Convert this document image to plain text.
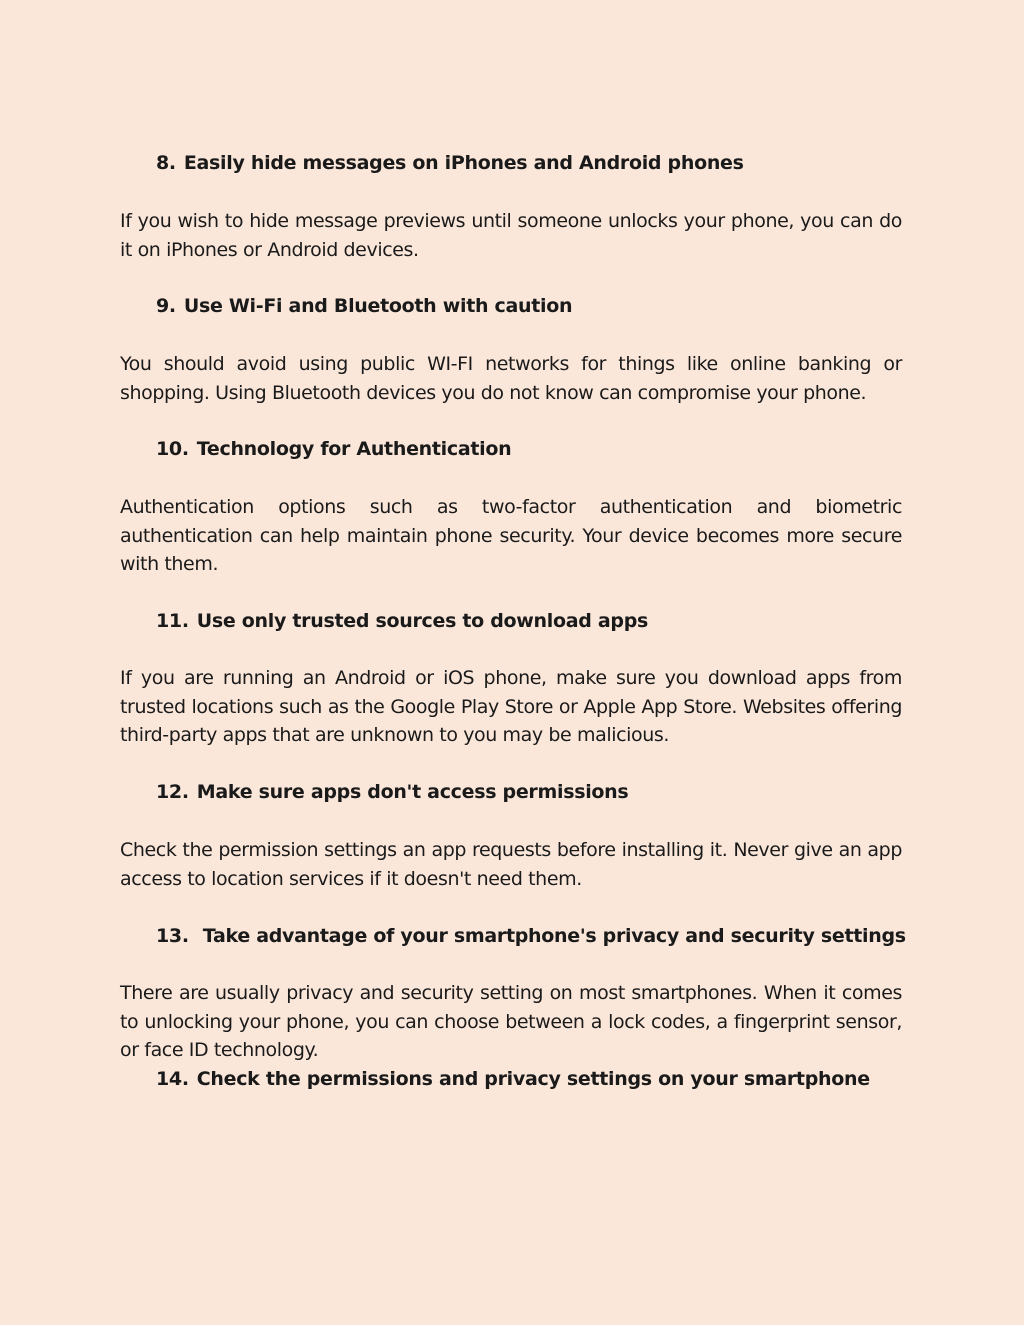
8. Easily hide messages on iPhones and Android phones

If you wish to hide message previews until someone unlocks your phone, you can do it on iPhones or Android devices.

9. Use Wi-Fi and Bluetooth with caution

You should avoid using public WI-FI networks for things like online banking or shopping. Using Bluetooth devices you do not know can compromise your phone.

10. Technology for Authentication

Authentication options such as two-factor authentication and biometric authentication can help maintain phone security. Your device becomes more secure with them.

11. Use only trusted sources to download apps

If you are running an Android or iOS phone, make sure you download apps from trusted locations such as the Google Play Store or Apple App Store. Websites offering third-party apps that are unknown to you may be malicious.

12. Make sure apps don't access permissions

Check the permission settings an app requests before installing it. Never give an app access to location services if it doesn't need them.

13. Take advantage of your smartphone's privacy and security settings

There are usually privacy and security setting on most smartphones. When it comes to unlocking your phone, you can choose between a lock codes, a fingerprint sensor, or face ID technology.

14. Check the permissions and privacy settings on your smartphone
